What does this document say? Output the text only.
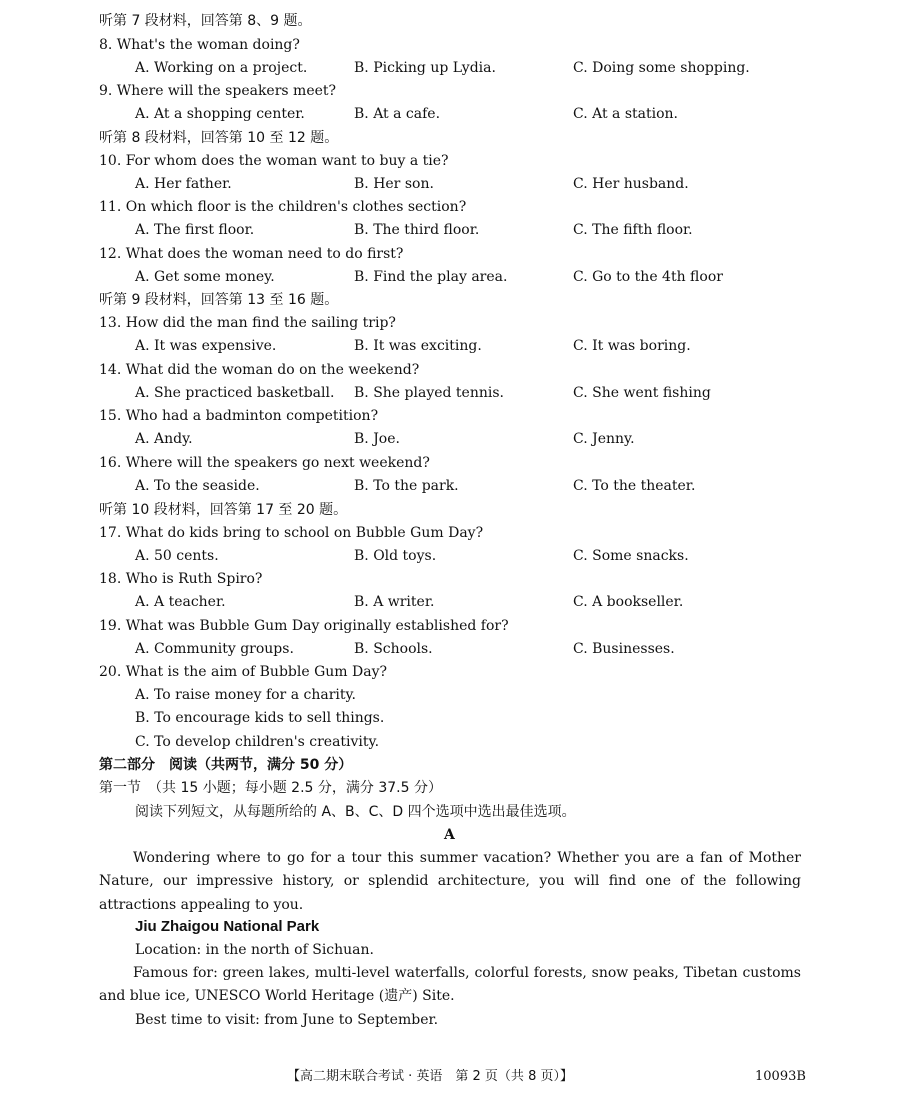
听第 7 段材料，回答第 8、9 题。
听第 8 段材料，回答第 10 至 12 题。
听第 9 段材料，回答第 13 至 16 题。
听第 10 段材料，回答第 17 至 20 题。
8. What's the woman doing?
A. Working on a project.	B. Picking up Lydia.	C. Doing some shopping.
9. Where will the speakers meet?
A. At a shopping center.	B. At a cafe.	C. At a station.
10. For whom does the woman want to buy a tie?
A. Her father.	B. Her son.	C. Her husband.
11. On which floor is the children's clothes section?
A. The first floor.	B. The third floor.	C. The fifth floor.
12. What does the woman need to do first?
A. Get some money.	B. Find the play area.	C. Go to the 4th floor
13. How did the man find the sailing trip?
A. It was expensive.	B. It was exciting.	C. It was boring.
14. What did the woman do on the weekend?
A. She practiced basketball. B. She played tennis.	C. She went fishing
15. Who had a badminton competition?
A. Andy.	B. Joe.	C. Jenny.
16. Where will the speakers go next weekend?
A. To the seaside.	B. To the park.	C. To the theater.
17. What do kids bring to school on Bubble Gum Day?
A. 50 cents.	B. Old toys.	C. Some snacks.
18. Who is Ruth Spiro?
A. A teacher.	B. A writer.	C. A bookseller.
19. What was Bubble Gum Day originally established for?
A. Community groups.	B. Schools.	C. Businesses.
20. What is the aim of Bubble Gum Day?
A. To raise money for a charity.
B. To encourage kids to sell things.
C. To develop children's creativity.
第二部分　阅读（共两节，满分 50 分）
第一节　（共 15 小题；每小题 2.5 分，满分 37.5 分）
阅读下列短文，从每题所给的 A、B、C、D 四个选项中选出最佳选项。
A
Wondering where to go for a tour this summer vacation? Whether you are a fan of Mother Nature, our impressive history, or splendid architecture, you will find one of the following attractions appealing to you.
Jiu Zhaigou National Park
Location: in the north of Sichuan.
Famous for: green lakes, multi-level waterfalls, colorful forests, snow peaks, Tibetan customs and blue ice, UNESCO World Heritage (遗产) Site.
Best time to visit: from June to September.
【高二期末联合考试 · 英语　第 2 页（共 8 页）】	10093B
